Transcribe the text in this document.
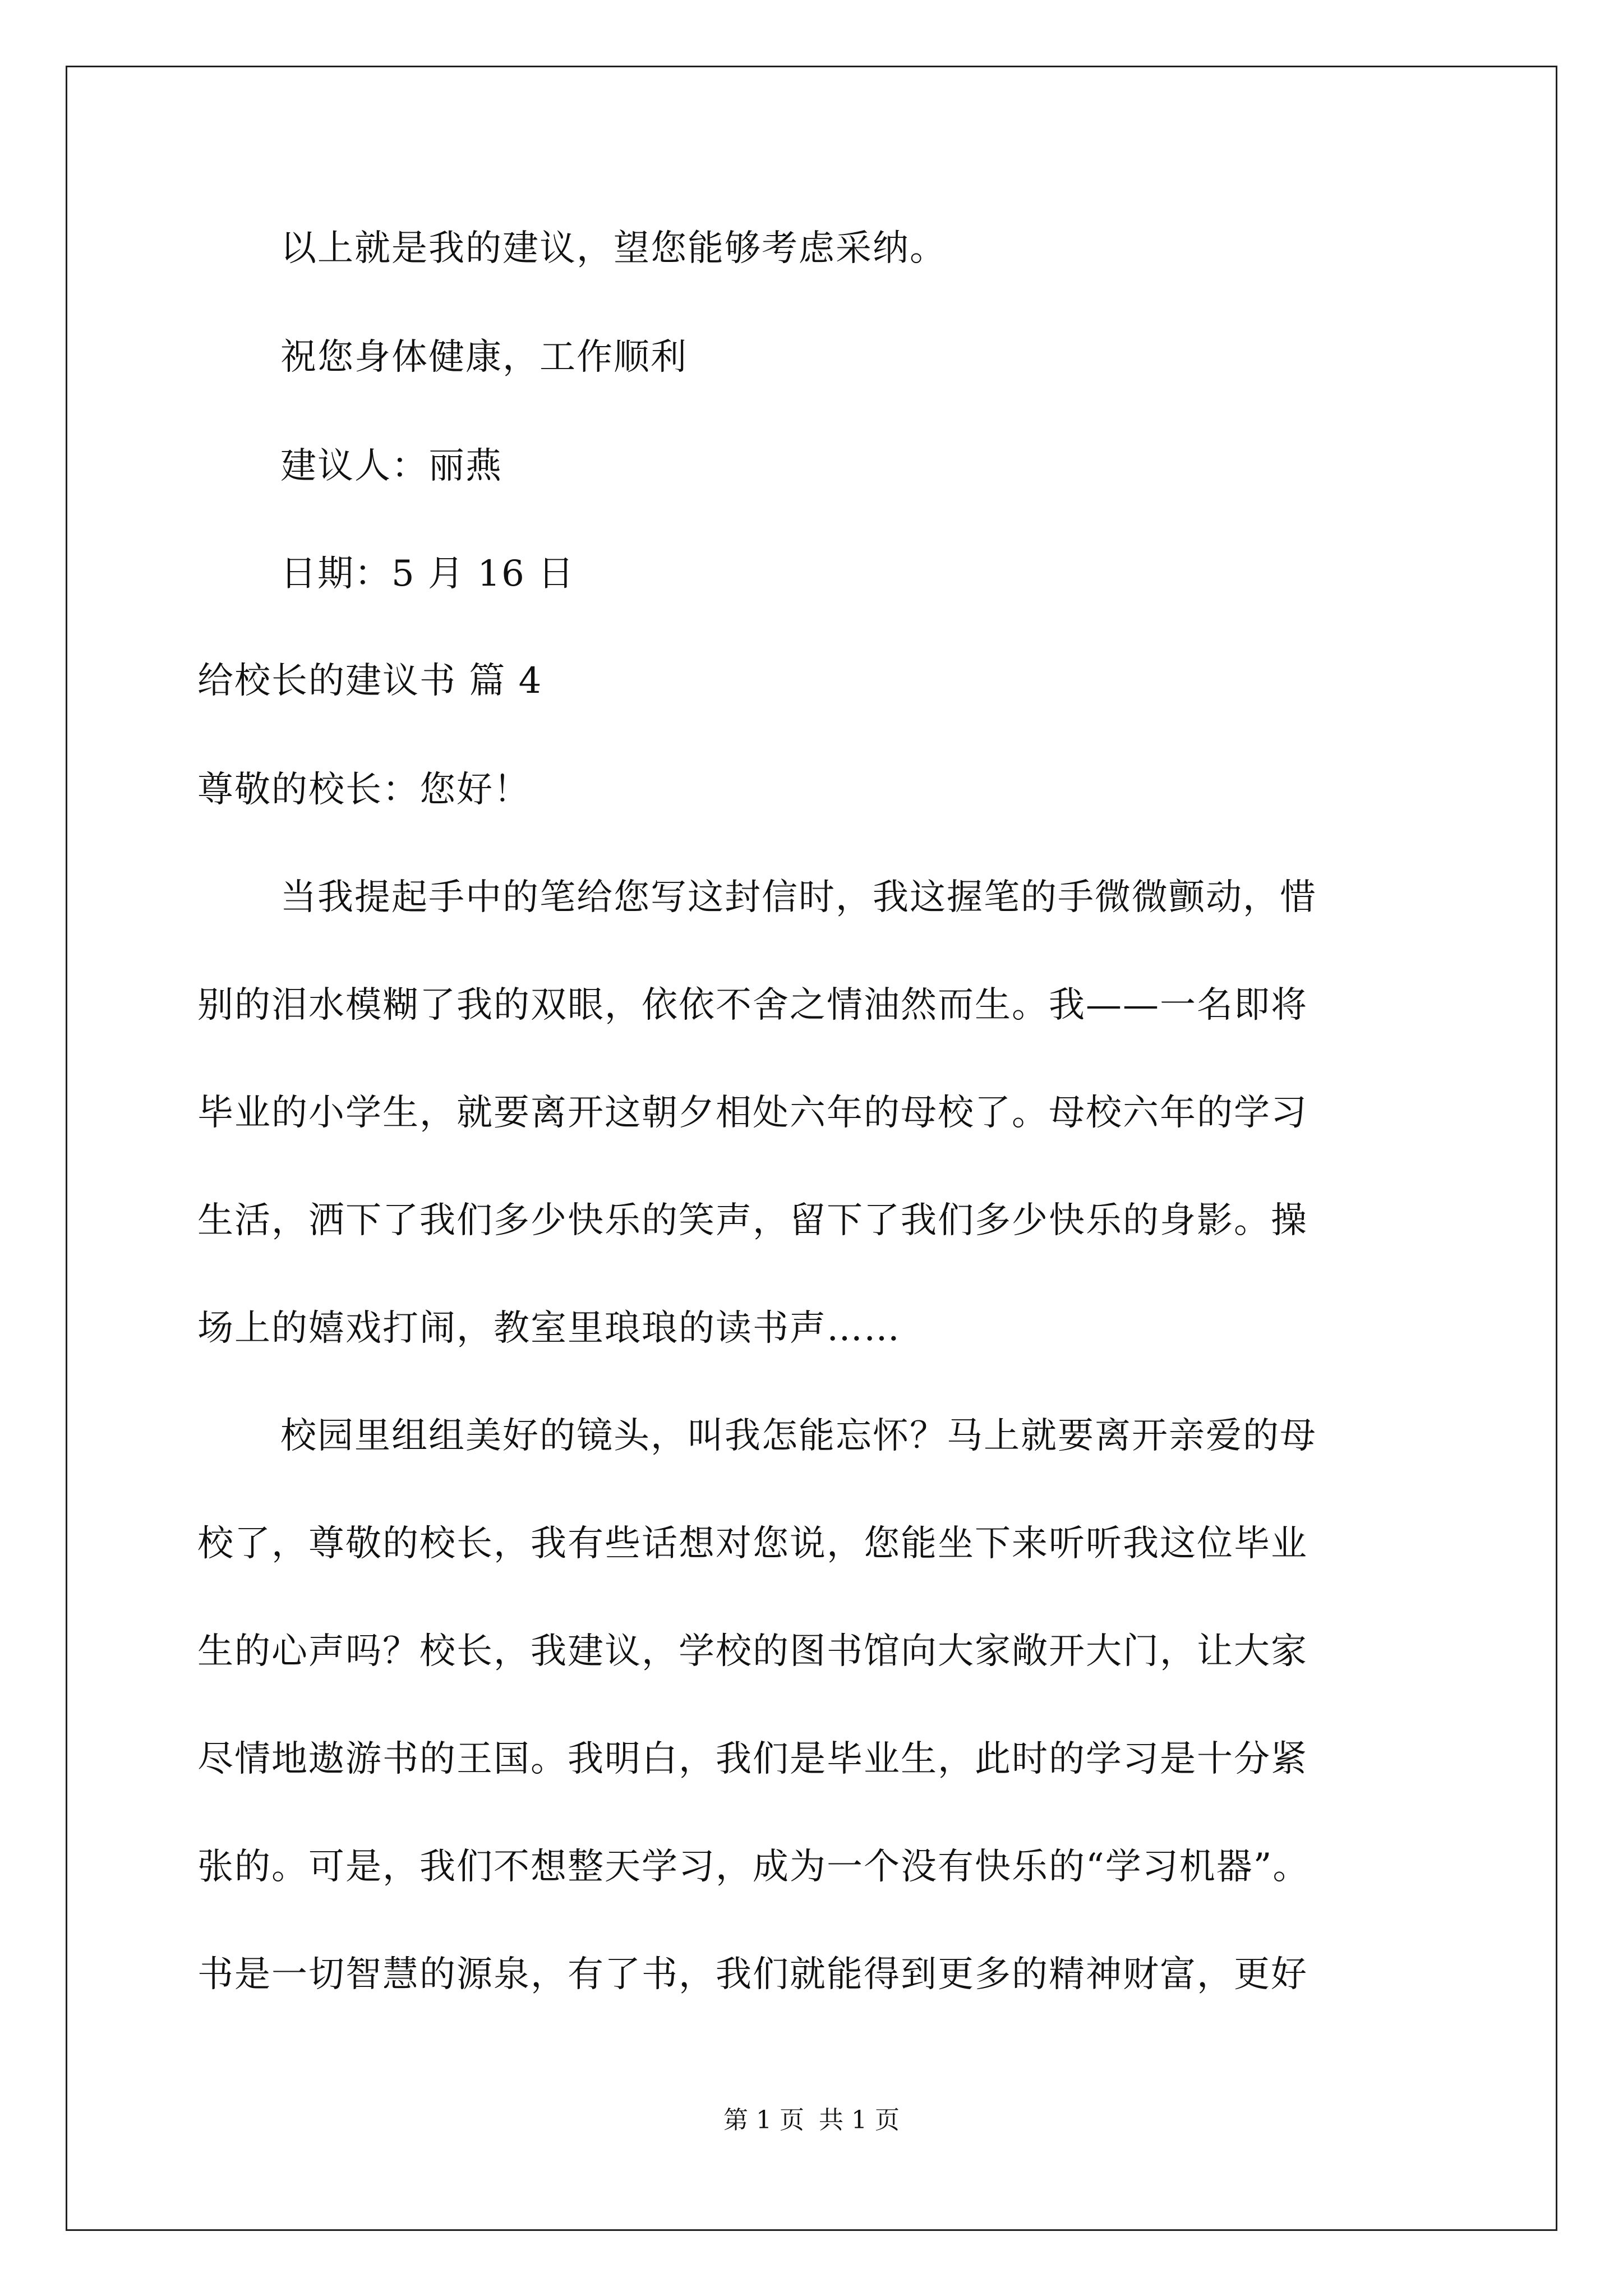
以上就是我的建议，望您能够考虑采纳。
祝您身体健康，工作顺利
建议人：丽燕
日期：5 月 16 日
给校长的建议书 篇 4
尊敬的校长：您好！
当我提起手中的笔给您写这封信时，我这握笔的手微微颤动，惜
别的泪水模糊了我的双眼，依依不舍之情油然而生。我——一名即将
毕业的小学生，就要离开这朝夕相处六年的母校了。母校六年的学习
生活，洒下了我们多少快乐的笑声，留下了我们多少快乐的身影。操
场上的嬉戏打闹，教室里琅琅的读书声……
校园里组组美好的镜头，叫我怎能忘怀？马上就要离开亲爱的母
校了，尊敬的校长，我有些话想对您说，您能坐下来听听我这位毕业
生的心声吗？校长，我建议，学校的图书馆向大家敞开大门，让大家
尽情地遨游书的王国。我明白，我们是毕业生，此时的学习是十分紧
张的。可是，我们不想整天学习，成为一个没有快乐的“学习机器”。
书是一切智慧的源泉，有了书，我们就能得到更多的精神财富，更好
第 1 页 共 1 页
